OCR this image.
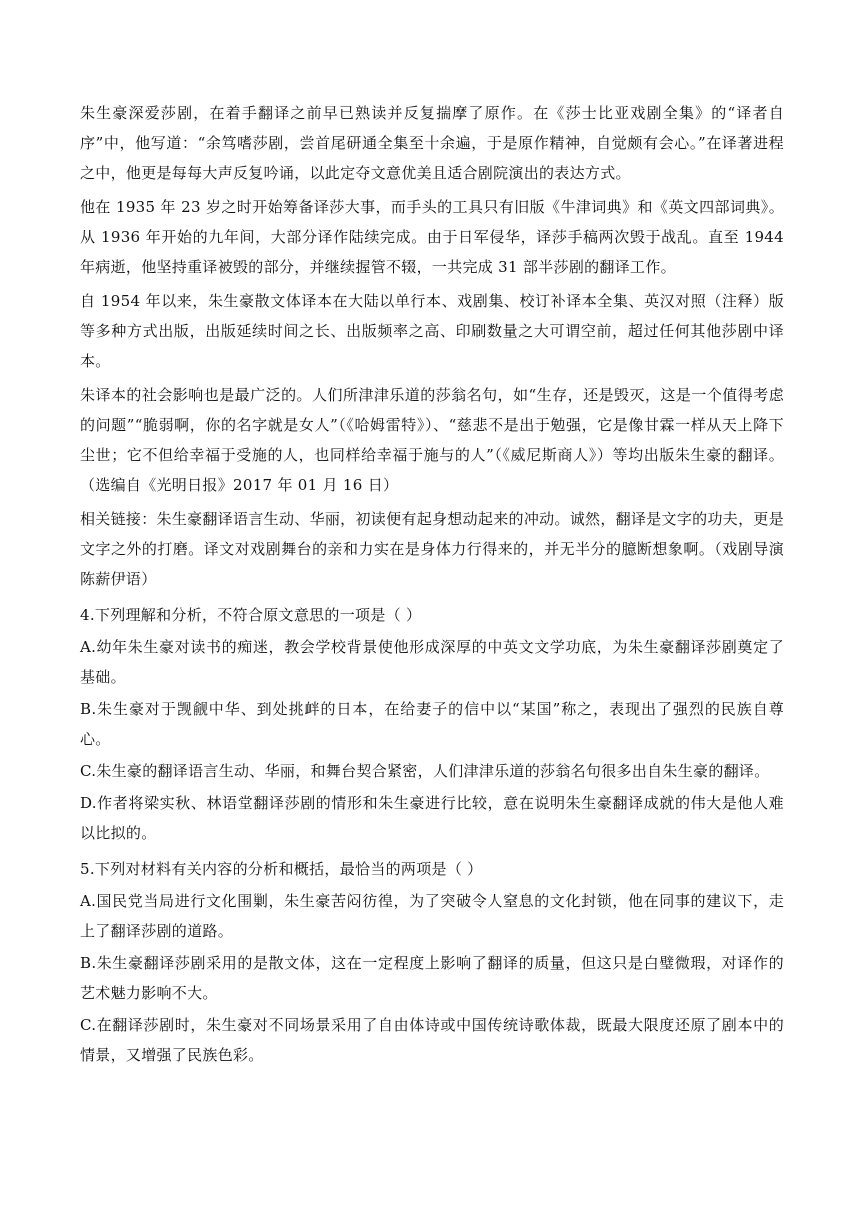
朱生豪深爱莎剧，在着手翻译之前早已熟读并反复揣摩了原作。在《莎士比亚戏剧全集》的“译者自序”中，他写道：“余笃嗜莎剧，尝首尾研通全集至十余遍，于是原作精神，自觉颇有会心。”在译著进程之中，他更是每每大声反复吟诵，以此定夺文意优美且适合剧院演出的表达方式。

他在 1935 年 23 岁之时开始筹备译莎大事，而手头的工具只有旧版《牛津词典》和《英文四部词典》。从 1936 年开始的九年间，大部分译作陆续完成。由于日军侵华，译莎手稿两次毁于战乱。直至 1944 年病逝，他坚持重译被毁的部分，并继续握管不辍，一共完成 31 部半莎剧的翻译工作。

自 1954 年以来，朱生豪散文体译本在大陆以单行本、戏剧集、校订补译本全集、英汉对照（注释）版等多种方式出版，出版延续时间之长、出版频率之高、印刷数量之大可谓空前，超过任何其他莎剧中译本。

朱译本的社会影响也是最广泛的。人们所津津乐道的莎翁名句，如“生存，还是毁灭，这是一个值得考虑的问题”“脆弱啊，你的名字就是女人”（《哈姆雷特》）、“慈悲不是出于勉强，它是像甘霖一样从天上降下尘世；它不但给幸福于受施的人，也同样给幸福于施与的人”（《威尼斯商人》）等均出版朱生豪的翻译。（选编自《光明日报》2017 年 01 月 16 日）

相关链接：朱生豪翻译语言生动、华丽，初读便有起身想动起来的冲动。诚然，翻译是文字的功夫，更是文字之外的打磨。译文对戏剧舞台的亲和力实在是身体力行得来的，并无半分的臆断想象啊。（戏剧导演陈薪伊语）

4.下列理解和分析，不符合原文意思的一项是（ ）

A.幼年朱生豪对读书的痴迷，教会学校背景使他形成深厚的中英文文学功底，为朱生豪翻译莎剧奠定了基础。

B.朱生豪对于觊觎中华、到处挑衅的日本，在给妻子的信中以“某国”称之，表现出了强烈的民族自尊心。

C.朱生豪的翻译语言生动、华丽，和舞台契合紧密，人们津津乐道的莎翁名句很多出自朱生豪的翻译。

D.作者将梁实秋、林语堂翻译莎剧的情形和朱生豪进行比较，意在说明朱生豪翻译成就的伟大是他人难以比拟的。

5.下列对材料有关内容的分析和概括，最恰当的两项是（ ）

A.国民党当局进行文化围剿，朱生豪苦闷彷徨，为了突破令人窒息的文化封锁，他在同事的建议下，走上了翻译莎剧的道路。

B.朱生豪翻译莎剧采用的是散文体，这在一定程度上影响了翻译的质量，但这只是白璧微瑕，对译作的艺术魅力影响不大。

C.在翻译莎剧时，朱生豪对不同场景采用了自由体诗或中国传统诗歌体裁，既最大限度还原了剧本中的情景，又增强了民族色彩。
